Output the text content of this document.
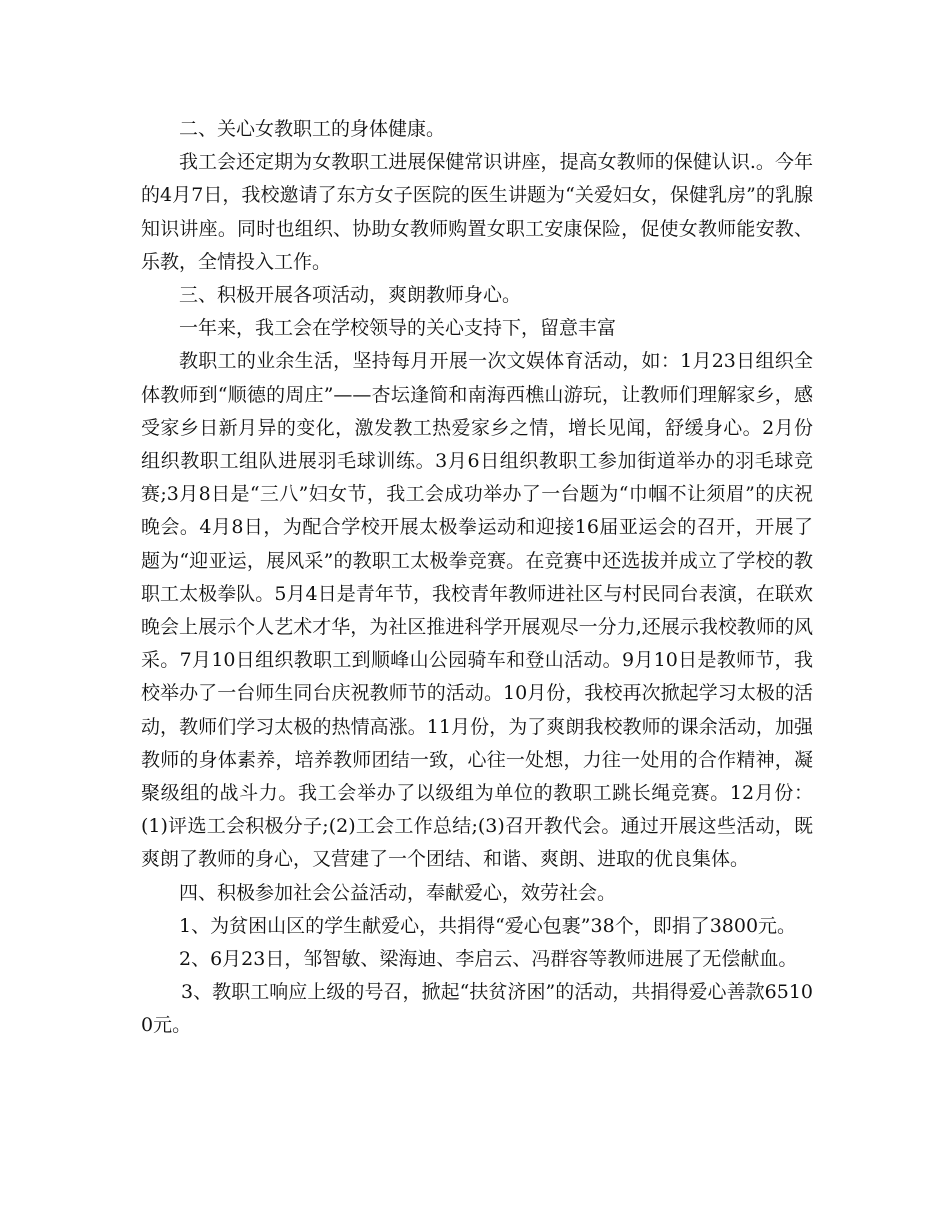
二、关心女教职工的身体健康。

我工会还定期为女教职工进展保健常识讲座，提高女教师的保健认识.。今年的4月7日，我校邀请了东方女子医院的医生讲题为“关爱妇女，保健乳房”的乳腺知识讲座。同时也组织、协助女教师购置女职工安康保险，促使女教师能安教、乐教，全情投入工作。

三、积极开展各项活动，爽朗教师身心。

一年来，我工会在学校领导的关心支持下，留意丰富

教职工的业余生活，坚持每月开展一次文娱体育活动，如：1月23日组织全体教师到“顺德的周庄”——杏坛逢简和南海西樵山游玩，让教师们理解家乡，感受家乡日新月异的变化，激发教工热爱家乡之情，增长见闻，舒缓身心。2月份组织教职工组队进展羽毛球训练。3月6日组织教职工参加街道举办的羽毛球竞赛;3月8日是“三八”妇女节，我工会成功举办了一台题为“巾帼不让须眉”的庆祝晚会。4月8日，为配合学校开展太极拳运动和迎接16届亚运会的召开，开展了题为“迎亚运，展风采”的教职工太极拳竞赛。在竞赛中还选拔并成立了学校的教职工太极拳队。5月4日是青年节，我校青年教师进社区与村民同台表演，在联欢晚会上展示个人艺术才华，为社区推进科学开展观尽一分力,还展示我校教师的风采。7月10日组织教职工到顺峰山公园骑车和登山活动。9月10日是教师节，我校举办了一台师生同台庆祝教师节的活动。10月份，我校再次掀起学习太极的活动，教师们学习太极的热情高涨。11月份，为了爽朗我校教师的课余活动，加强教师的身体素养，培养教师团结一致，心往一处想，力往一处用的合作精神，凝聚级组的战斗力。我工会举办了以级组为单位的教职工跳长绳竞赛。12月份：(1)评选工会积极分子;(2)工会工作总结;(3)召开教代会。通过开展这些活动，既爽朗了教师的身心，又营建了一个团结、和谐、爽朗、进取的优良集体。

四、积极参加社会公益活动，奉献爱心，效劳社会。

1、为贫困山区的学生献爱心，共捐得“爱心包裹”38个，即捐了3800元。

2、6月23日，邹智敏、梁海迪、李启云、冯群容等教师进展了无偿献血。

3、教职工响应上级的号召，掀起“扶贫济困”的活动，共捐得爱心善款65100元。
